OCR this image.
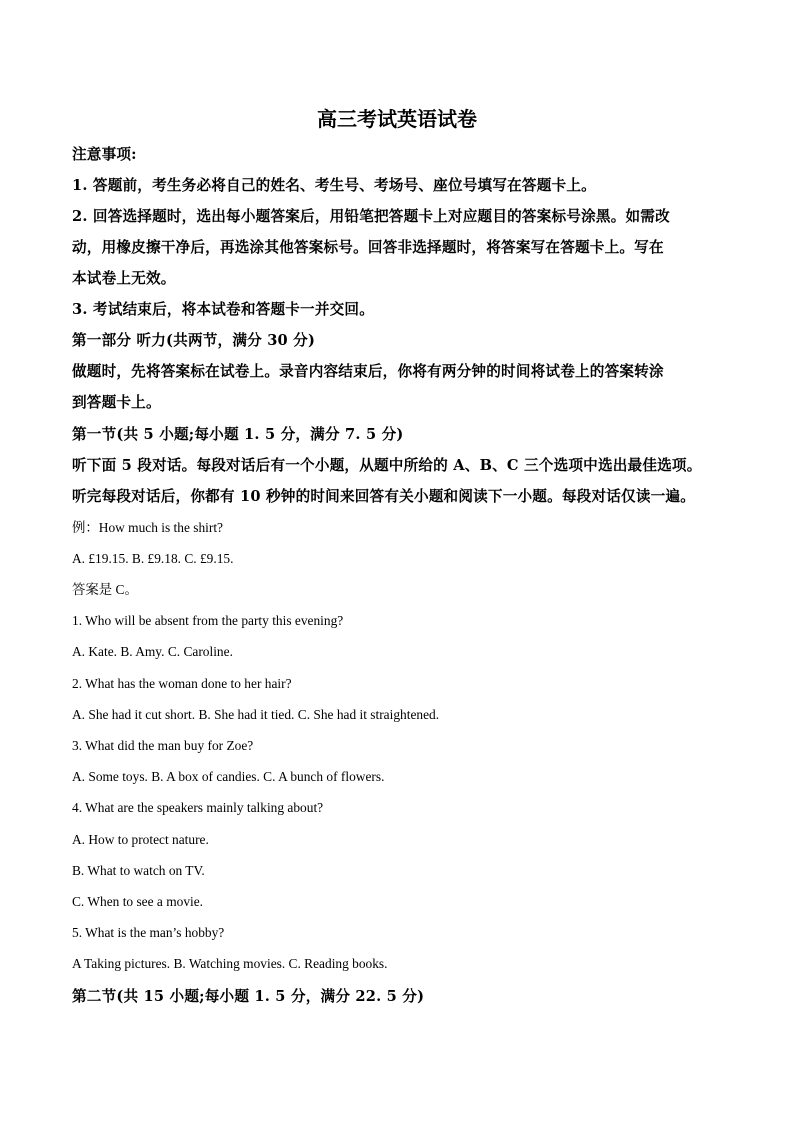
高三考试英语试卷
注意事项:
1. 答题前，考生务必将自己的姓名、考生号、考场号、座位号填写在答题卡上。
2. 回答选择题时，选出每小题答案后，用铅笔把答题卡上对应题目的答案标号涂黑。如需改
动，用橡皮擦干净后，再选涂其他答案标号。回答非选择题时，将答案写在答题卡上。写在
本试卷上无效。
3. 考试结束后，将本试卷和答题卡一并交回。
第一部分 听力(共两节，满分 30 分)
做题时，先将答案标在试卷上。录音内容结束后，你将有两分钟的时间将试卷上的答案转涂
到答题卡上。
第一节(共 5 小题;每小题 1. 5 分，满分 7. 5 分)
听下面 5 段对话。每段对话后有一个小题，从题中所给的 A、B、C 三个选项中选出最佳选项。
听完每段对话后，你都有 10 秒钟的时间来回答有关小题和阅读下一小题。每段对话仅读一遍。
例：How much is the shirt?
A. £19.15. B. £9.18. C. £9.15.
答案是 C。
1. Who will be absent from the party this evening?
A. Kate. B. Amy. C. Caroline.
2. What has the woman done to her hair?
A. She had it cut short. B. She had it tied. C. She had it straightened.
3. What did the man buy for Zoe?
A. Some toys. B. A box of candies. C. A bunch of flowers.
4. What are the speakers mainly talking about?
A. How to protect nature.
B. What to watch on TV.
C. When to see a movie.
5. What is the man’s hobby?
A Taking pictures. B. Watching movies. C. Reading books.
第二节(共 15 小题;每小题 1. 5 分，满分 22. 5 分)
